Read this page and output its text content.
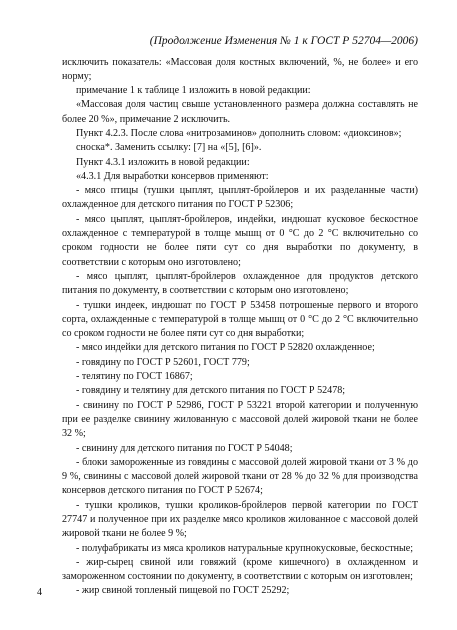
(Продолжение Изменения № 1 к ГОСТ Р 52704—2006)

исключить показатель: «Массовая доля костных включений, %, не более» и его норму;

примечание 1 к таблице 1 изложить в новой редакции:

«Массовая доля частиц свыше установленного размера должна составлять не более 20 %», примечание 2 исключить.

Пункт 4.2.3. После слова «нитрозаминов» дополнить словом: «диоксинов»;

сноска*. Заменить ссылку: [7] на «[5], [6]».

Пункт 4.3.1 изложить в новой редакции:

«4.3.1 Для выработки консервов применяют:

- мясо птицы (тушки цыплят, цыплят-бройлеров и их разделанные части) охлажденное для детского питания по ГОСТ Р 52306;

- мясо цыплят, цыплят-бройлеров, индейки, индюшат кусковое бескостное охлажденное с температурой в толще мышц от 0 °С до 2 °С включительно со сроком годности не более пяти сут со дня выработки по документу, в соответствии с которым оно изготовлено;

- мясо цыплят, цыплят-бройлеров охлажденное для продуктов детского питания по документу, в соответствии с которым оно изготовлено;

- тушки индеек, индюшат по ГОСТ Р 53458 потрошеные первого и второго сорта, охлажденные с температурой в толще мышц от 0 °С до 2 °С включительно со сроком годности не более пяти сут со дня выработки;

- мясо индейки для детского питания по ГОСТ Р 52820 охлажденное;

- говядину по ГОСТ Р 52601, ГОСТ 779;

- телятину по ГОСТ 16867;

- говядину и телятину для детского питания по ГОСТ Р 52478;

- свинину по ГОСТ Р 52986, ГОСТ Р 53221 второй категории и полученную при ее разделке свинину жилованную с массовой долей жировой ткани не более 32 %;

- свинину для детского питания по ГОСТ Р 54048;

- блоки замороженные из говядины с массовой долей жировой ткани от 3 % до 9 %, свинины с массовой долей жировой ткани от 28 % до 32 % для производства консервов детского питания по ГОСТ Р 52674;

- тушки кроликов, тушки кроликов-бройлеров первой категории по ГОСТ 27747 и полученное при их разделке мясо кроликов жилованное с массовой долей жировой ткани не более 9 %;

- полуфабрикаты из мяса кроликов натуральные крупнокусковые, бескостные;

- жир-сырец свиной или говяжий (кроме кишечного) в охлажденном и замороженном состоянии по документу, в соответствии с которым он изготовлен;

- жир свиной топленый пищевой по ГОСТ 25292;

4
